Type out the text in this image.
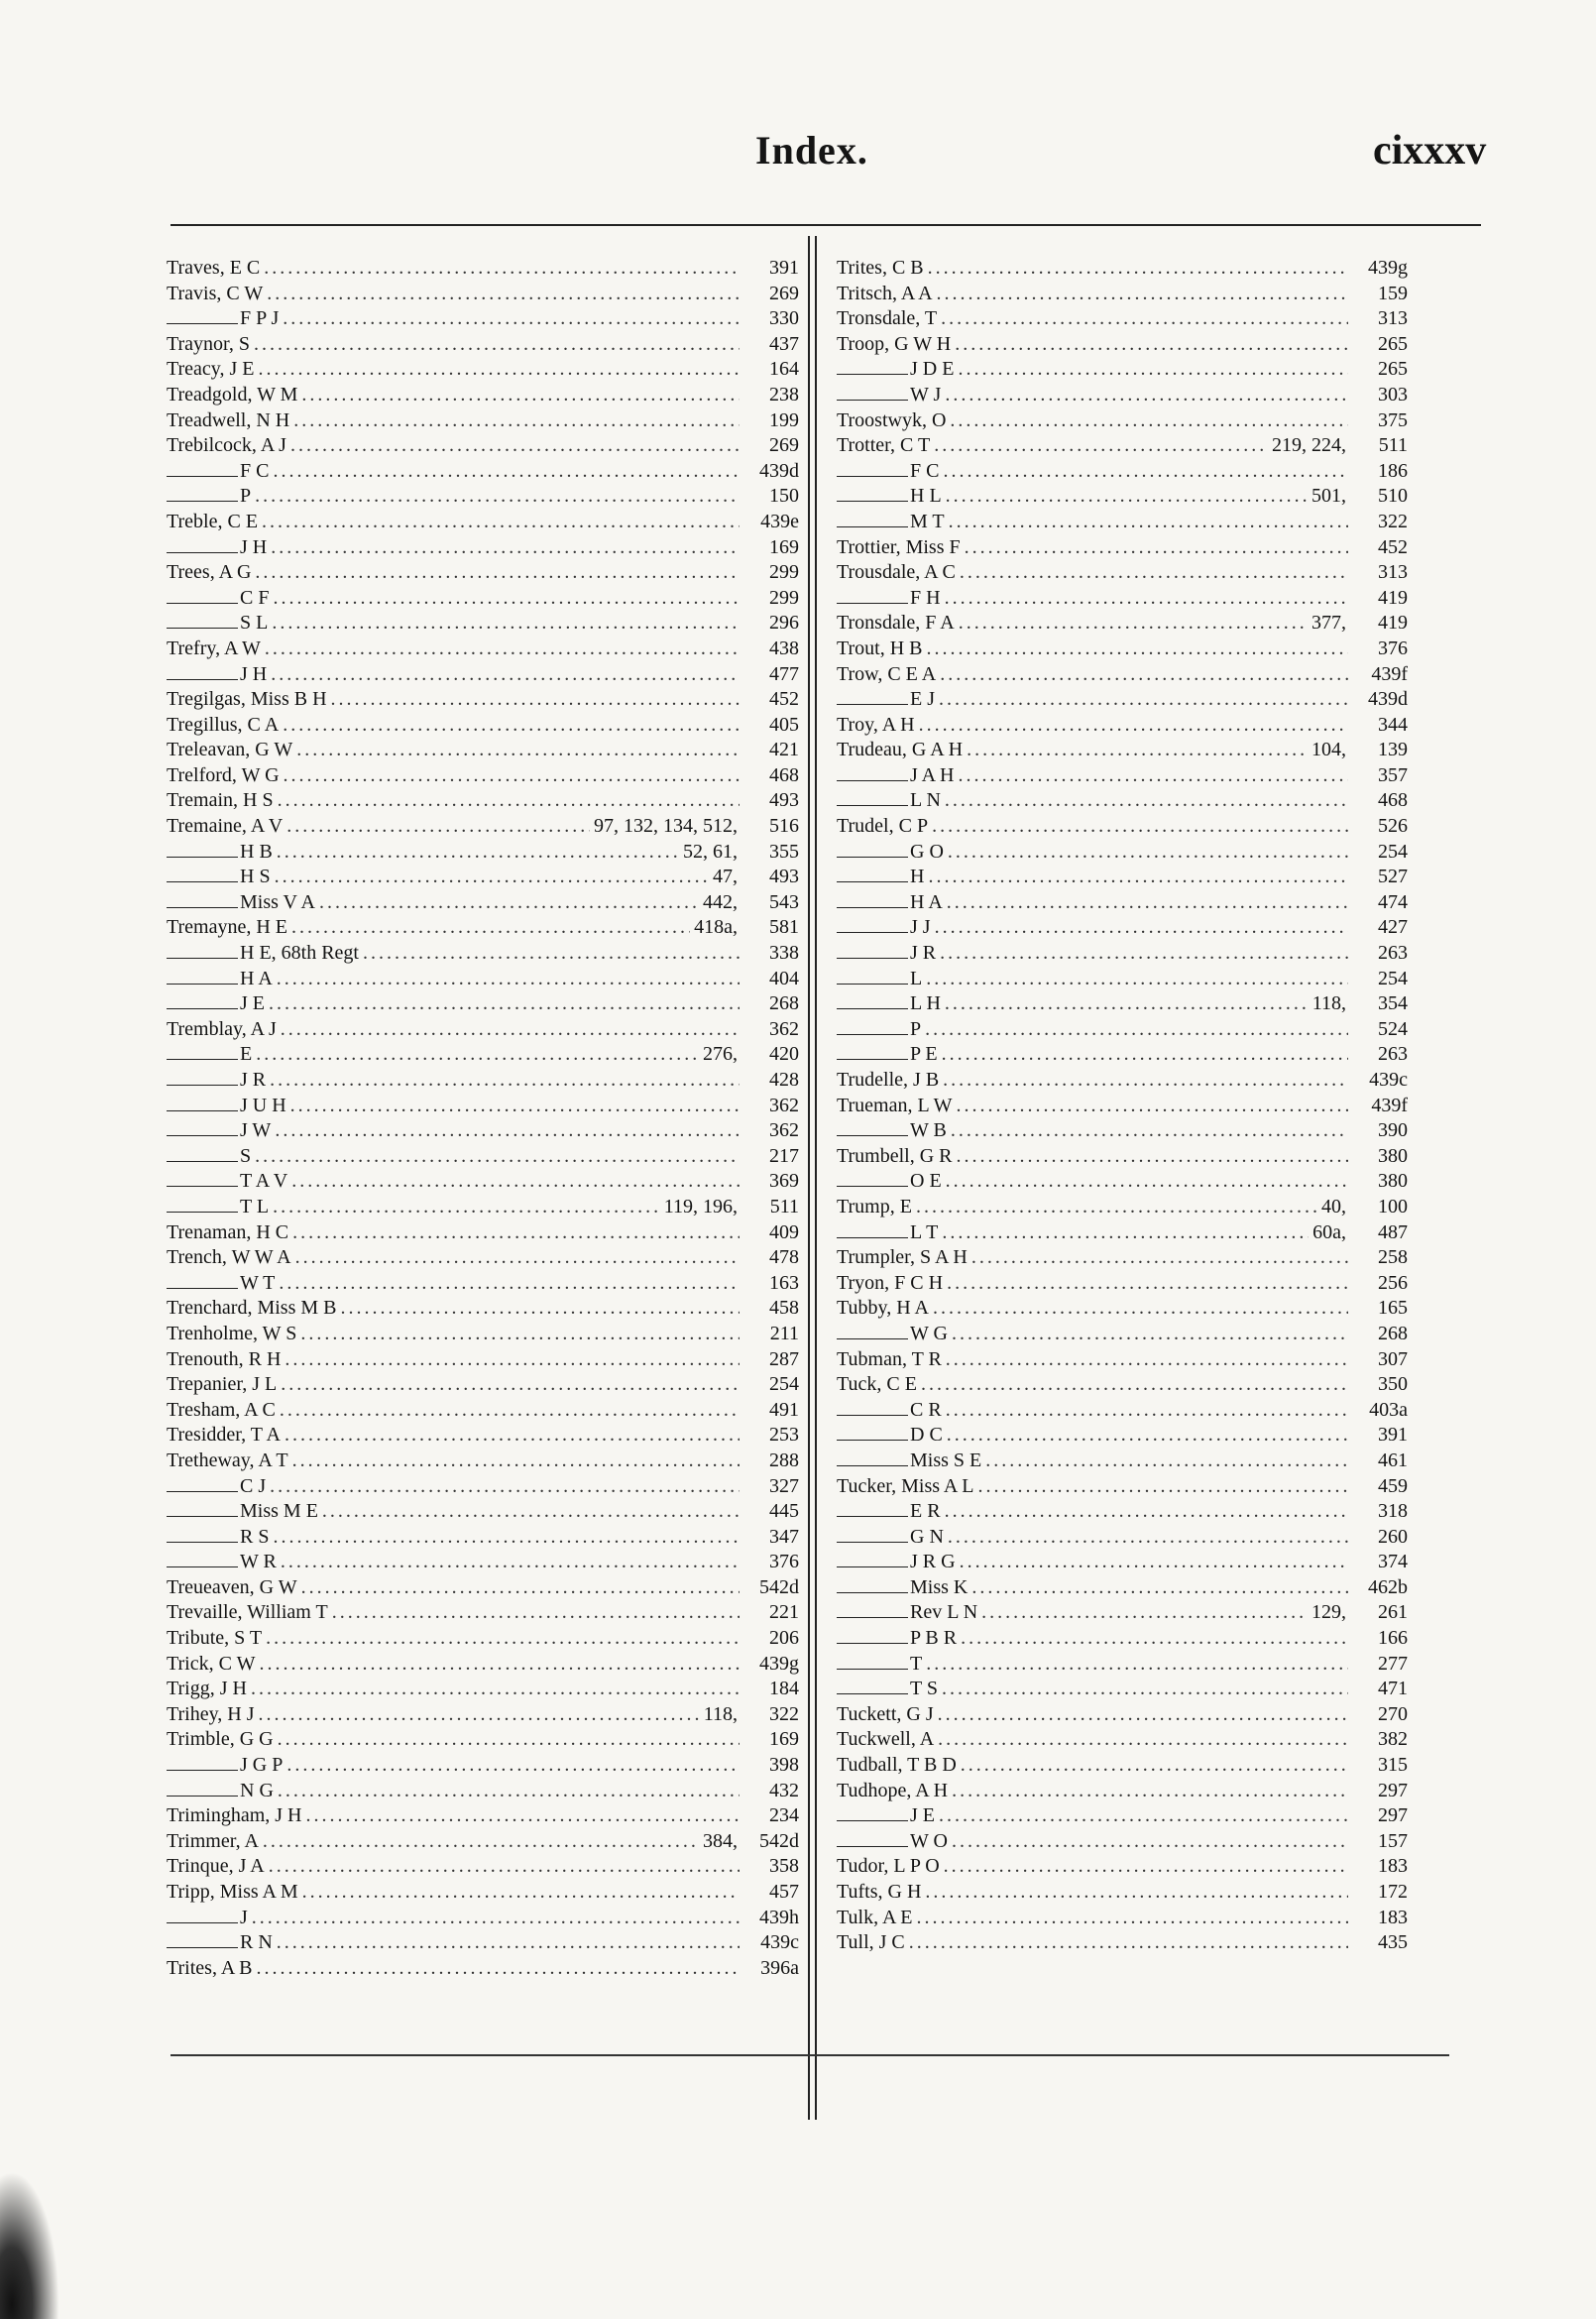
Index.	cixxxv
Traves, E C .....	391
Travis, C W .....	269
F P J .....	330
Traynor, S .....	437
Treacy, J E .....	164
Treadgold, W M .....	238
Treadwell, N H .....	199
Trebilcock, A J .....	269
F C .....	439d
P .....	150
Treble, C E .....	439e
J H .....	169
Trees, A G .....	299
C F .....	299
S L .....	296
Trefry, A W .....	438
J H .....	477
Tregilgas, Miss B H .....	452
Tregillus, C A .....	405
Treleavan, G W .....	421
Trelford, W G .....	468
Tremain, H S .....	493
Tremaine, A V .....	97, 132, 134, 512,	516
H B .....	52, 61,	355
H S .....	47,	493
Miss V A .....	442,	543
Tremayne, H E .....	418a,	581
H E, 68th Regt .....	338
H A .....	404
J E .....	268
Tremblay, A J .....	362
E .....	276,	420
J R .....	428
J U H .....	362
J W .....	362
S .....	217
T A V .....	369
T L .....	119, 196,	511
Trenaman, H C .....	409
Trench, W W A .....	478
W T .....	163
Trenchard, Miss M B .....	458
Trenholme, W S .....	211
Trenouth, R H .....	287
Trepanier, J L .....	254
Tresham, A C .....	491
Tresidder, T A .....	253
Tretheway, A T .....	288
C J .....	327
Miss M E .....	445
R S .....	347
W R .....	376
Treueaven, G W .....	542d
Trevaille, William T .....	221
Tribute, S T .....	206
Trick, C W .....	439g
Trigg, J H .....	184
Trihey, H J .....	118,	322
Trimble, G G .....	169
J G P .....	398
N G .....	432
Trimingham, J H .....	234
Trimmer, A .....	384,	542d
Trinque, J A .....	358
Tripp, Miss A M .....	457
J .....	439h
R N .....	439c
Trites, A B .....	396a
Trites, C B .....	439g
Tritsch, A A .....	159
Tronsdale, T .....	313
Troop, G W H .....	265
J D E .....	265
W J .....	303
Troostwyk, O .....	375
Trotter, C T .....	219, 224,	511
F C .....	186
H L .....	501,	510
M T .....	322
Trottier, Miss F .....	452
Trousdale, A C .....	313
F H .....	419
Tronsdale, F A .....	377,	419
Trout, H B .....	376
Trow, C E A .....	439f
E J .....	439d
Troy, A H .....	344
Trudeau, G A H .....	104,	139
J A H .....	357
L N .....	468
Trudel, C P .....	526
G O .....	254
H .....	527
H A .....	474
J J .....	427
J R .....	263
L .....	254
L H .....	118,	354
P .....	524
P E .....	263
Trudelle, J B .....	439c
Trueman, L W .....	439f
W B .....	390
Trumbell, G R .....	380
O E .....	380
Trump, E .....	40,	100
L T .....	60a,	487
Trumpler, S A H .....	258
Tryon, F C H .....	256
Tubby, H A .....	165
W G .....	268
Tubman, T R .....	307
Tuck, C E .....	350
C R .....	403a
D C .....	391
Miss S E .....	461
Tucker, Miss A L .....	459
E R .....	318
G N .....	260
J R G .....	374
Miss K .....	462b
Rev L N .....	129,	261
P B R .....	166
T .....	277
T S .....	471
Tuckett, G J .....	270
Tuckwell, A .....	382
Tudball, T B D .....	315
Tudhope, A H .....	297
J E .....	297
W O .....	157
Tudor, L P O .....	183
Tufts, G H .....	172
Tulk, A E .....	183
Tull, J C .....	435
